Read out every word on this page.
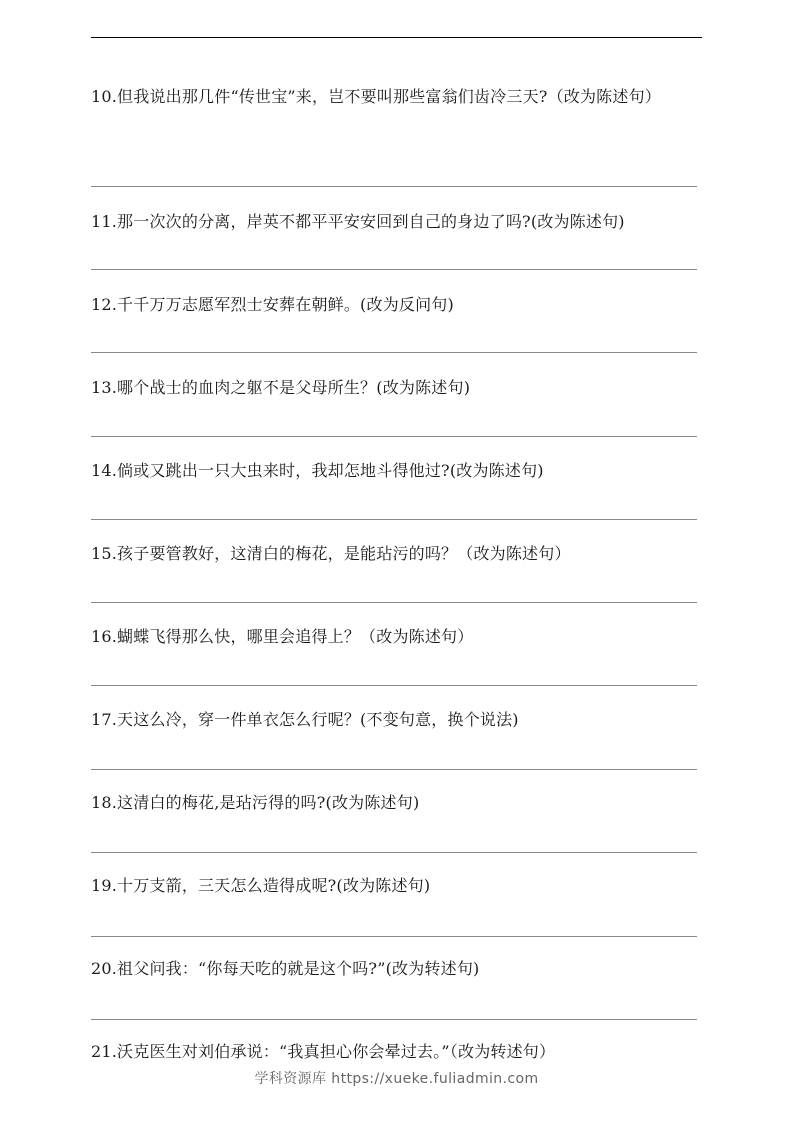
10.但我说出那几件“传世宝”来，岂不要叫那些富翁们齿冷三天?（改为陈述句）
11.那一次次的分离，岸英不都平平安安回到自己的身边了吗?(改为陈述句)
12.千千万万志愿军烈士安葬在朝鲜。(改为反问句)
13.哪个战士的血肉之躯不是父母所生？(改为陈述句)
14.倘或又跳出一只大虫来时，我却怎地斗得他过?(改为陈述句)
15.孩子要管教好，这清白的梅花，是能玷污的吗？（改为陈述句）
16.蝴蝶飞得那么快，哪里会追得上？（改为陈述句）
17.天这么冷，穿一件单衣怎么行呢？(不变句意，换个说法)
18.这清白的梅花,是玷污得的吗?(改为陈述句)
19.十万支箭，三天怎么造得成呢?(改为陈述句)
20.祖父问我：“你每天吃的就是这个吗?”(改为转述句)
21.沃克医生对刘伯承说：“我真担心你会晕过去。”（改为转述句）
学科资源库 https://xueke.fuliadmin.com
